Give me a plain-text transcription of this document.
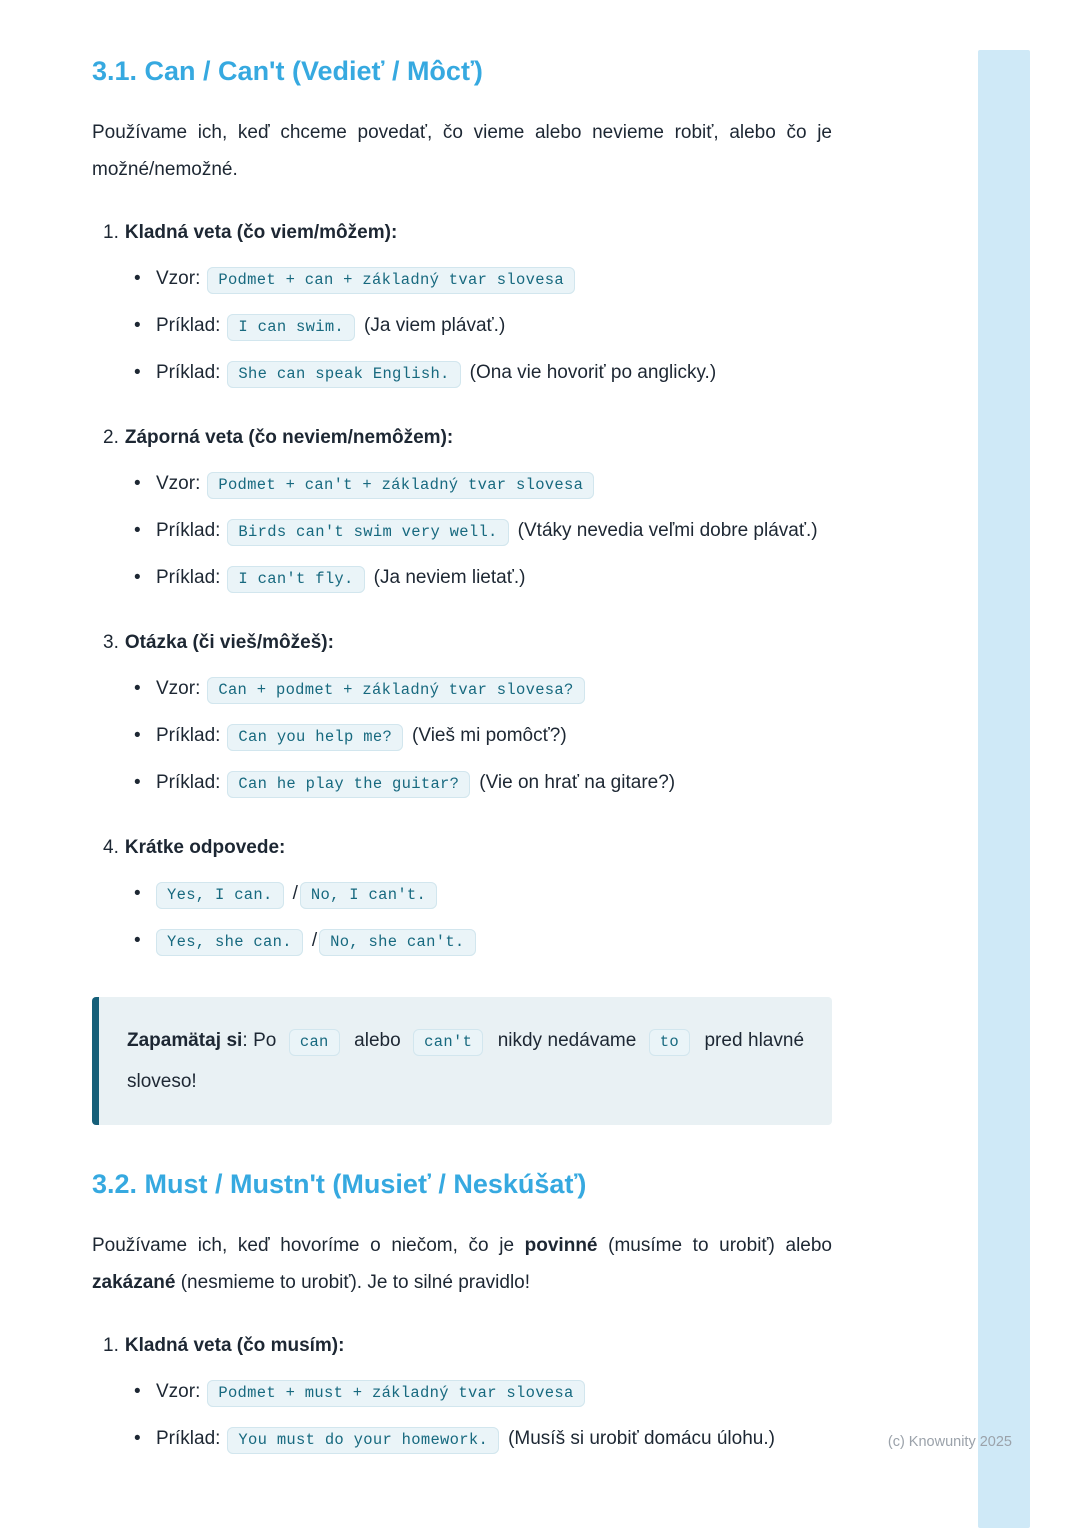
3.1. Can / Can't (Vedieť / Môcť)

Používame ich, keď chceme povedať, čo vieme alebo nevieme robiť, alebo čo je možné/nemožné.

1. Kladná veta (čo viem/môžem):
• Vzor: Podmet + can + základný tvar slovesa
• Príklad: I can swim. (Ja viem plávať.)
• Príklad: She can speak English. (Ona vie hovoriť po anglicky.)
2. Záporná veta (čo neviem/nemôžem):
• Vzor: Podmet + can't + základný tvar slovesa
• Príklad: Birds can't swim very well. (Vtáky nevedia veľmi dobre plávať.)
• Príklad: I can't fly. (Ja neviem lietať.)
3. Otázka (či vieš/môžeš):
• Vzor: Can + podmet + základný tvar slovesa?
• Príklad: Can you help me? (Vieš mi pomôcť?)
• Príklad: Can he play the guitar? (Vie on hrať na gitare?)
4. Krátke odpovede:
• Yes, I can. / No, I can't.
• Yes, she can. / No, she can't.
Zapamätaj si: Po can alebo can't nikdy nedávame to pred hlavné sloveso!
3.2. Must / Mustn't (Musieť / Neskúšať)

Používame ich, keď hovoríme o niečom, čo je povinné (musíme to urobiť) alebo zakázané (nesmieme to urobiť). Je to silné pravidlo!

1. Kladná veta (čo musím):
• Vzor: Podmet + must + základný tvar slovesa
• Príklad: You must do your homework. (Musíš si urobiť domácu úlohu.)	(c) Knowunity 2025
